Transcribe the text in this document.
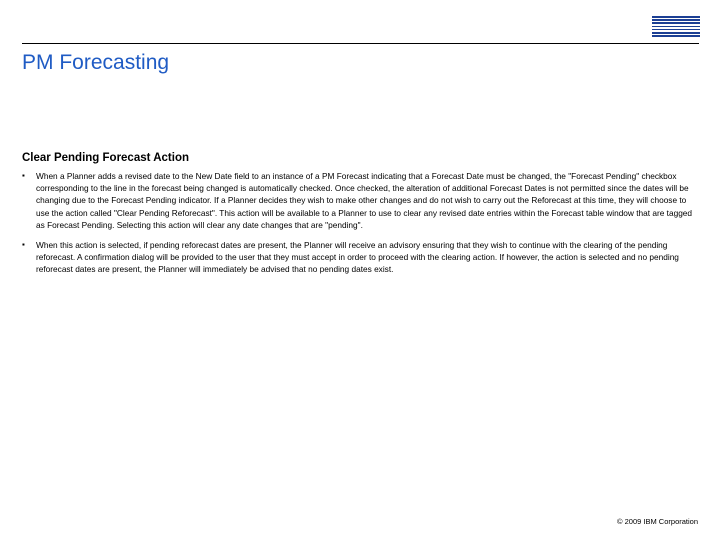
PM Forecasting
Clear Pending Forecast Action
▪ When a Planner adds a revised date to the New Date field to an instance of a PM Forecast indicating that a Forecast Date must be changed, the "Forecast Pending" checkbox corresponding to the line in the forecast being changed is automatically checked. Once checked, the alteration of additional Forecast Dates is not permitted since the dates will be changing due to the Forecast Pending indicator. If a Planner decides they wish to make other changes and do not wish to carry out the Reforecast at this time, they will choose to use the action called "Clear Pending Reforecast". This action will be available to a Planner to use to clear any revised date entries within the Forecast table window that are tagged as Forecast Pending. Selecting this action will clear any date changes that are "pending".
▪ When this action is selected, if pending reforecast dates are present, the Planner will receive an advisory ensuring that they wish to continue with the clearing of the pending reforecast. A confirmation dialog will be provided to the user that they must accept in order to proceed with the clearing action. If however, the action is selected and no pending reforecast dates are present, the Planner will immediately be advised that no pending dates exist.
© 2009 IBM Corporation
